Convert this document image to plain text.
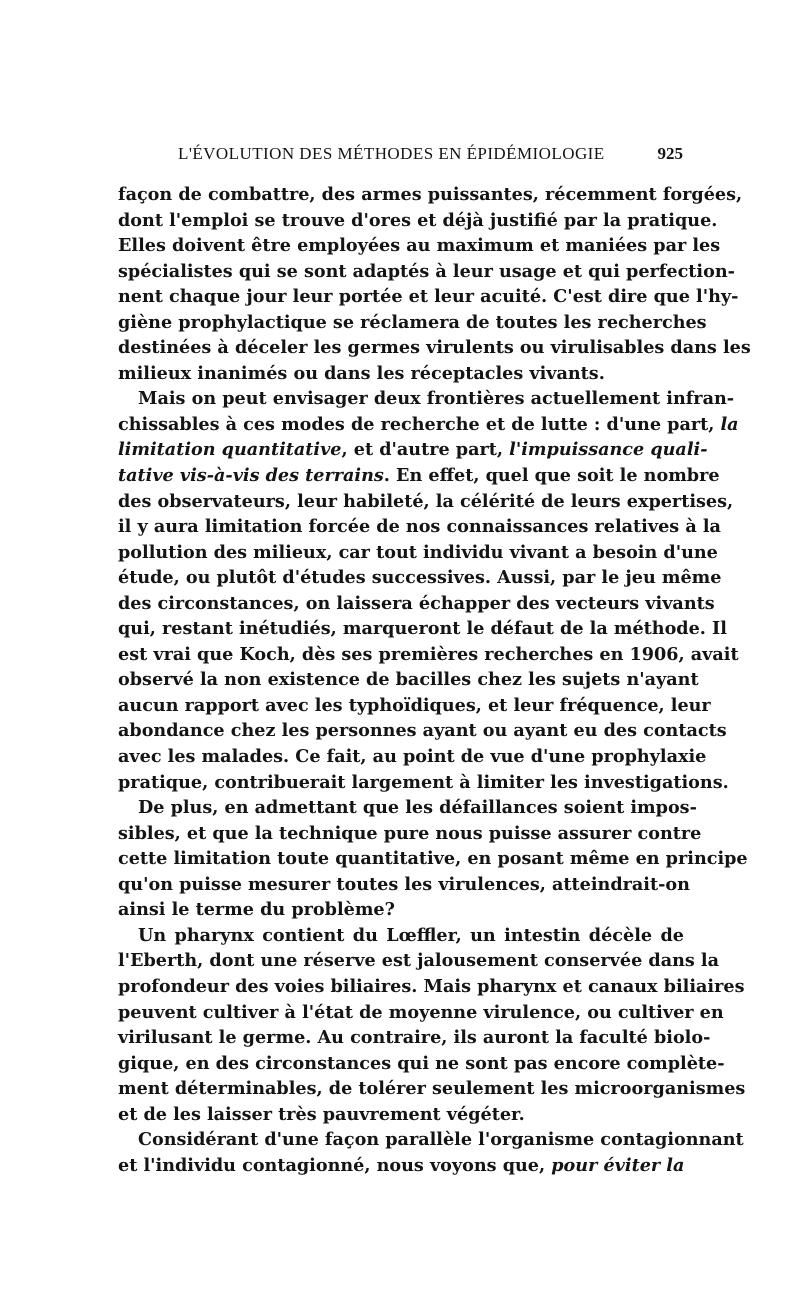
L'ÉVOLUTION DES MÉTHODES EN ÉPIDÉMIOLOGIE	925
façon de combattre, des armes puissantes, récemment forgées,
dont l'emploi se trouve d'ores et déjà justifié par la pratique.
Elles doivent être employées au maximum et maniées par les
spécialistes qui se sont adaptés à leur usage et qui perfection-
nent chaque jour leur portée et leur acuité. C'est dire que l'hy-
giène prophylactique se réclamera de toutes les recherches
destinées à déceler les germes virulents ou virulisables dans les
milieux inanimés ou dans les réceptacles vivants.
Mais on peut envisager deux frontières actuellement infran-
chissables à ces modes de recherche et de lutte : d'une part, la
limitation quantitative, et d'autre part, l'impuissance quali-
tative vis-à-vis des terrains. En effet, quel que soit le nombre
des observateurs, leur habileté, la célérité de leurs expertises,
il y aura limitation forcée de nos connaissances relatives à la
pollution des milieux, car tout individu vivant a besoin d'une
étude, ou plutôt d'études successives. Aussi, par le jeu même
des circonstances, on laissera échapper des vecteurs vivants
qui, restant inétudiés, marqueront le défaut de la méthode. Il
est vrai que Koch, dès ses premières recherches en 1906, avait
observé la non existence de bacilles chez les sujets n'ayant
aucun rapport avec les typhoïdiques, et leur fréquence, leur
abondance chez les personnes ayant ou ayant eu des contacts
avec les malades. Ce fait, au point de vue d'une prophylaxie
pratique, contribuerait largement à limiter les investigations.
De plus, en admettant que les défaillances soient impos-
sibles, et que la technique pure nous puisse assurer contre
cette limitation toute quantitative, en posant même en principe
qu'on puisse mesurer toutes les virulences, atteindrait-on
ainsi le terme du problème?
Un pharynx contient du Lœffler, un intestin décèle de
l'Eberth, dont une réserve est jalousement conservée dans la
profondeur des voies biliaires. Mais pharynx et canaux biliaires
peuvent cultiver à l'état de moyenne virulence, ou cultiver en
virilusant le germe. Au contraire, ils auront la faculté biolo-
gique, en des circonstances qui ne sont pas encore complète-
ment déterminables, de tolérer seulement les microorganismes
et de les laisser très pauvrement végéter.
Considérant d'une façon parallèle l'organisme contagionnant
et l'individu contagionné, nous voyons que, pour éviter la
